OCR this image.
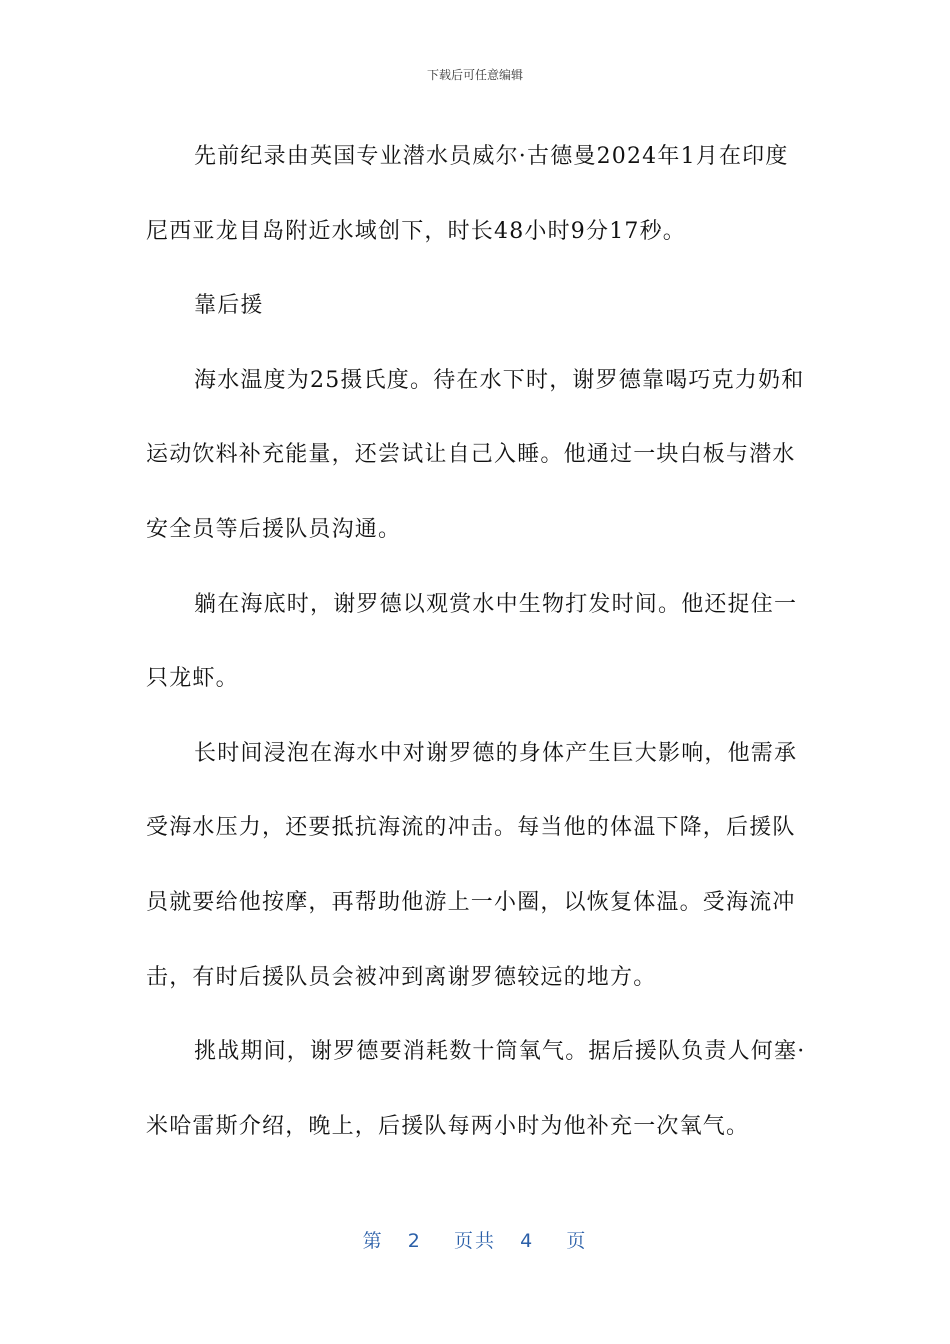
下载后可任意编辑

先前纪录由英国专业潜水员威尔·古德曼2024年1月在印度尼西亚龙目岛附近水域创下，时长48小时9分17秒。

靠后援

海水温度为25摄氏度。待在水下时，谢罗德靠喝巧克力奶和运动饮料补充能量，还尝试让自己入睡。他通过一块白板与潜水安全员等后援队员沟通。

躺在海底时，谢罗德以观赏水中生物打发时间。他还捉住一只龙虾。

长时间浸泡在海水中对谢罗德的身体产生巨大影响，他需承受海水压力，还要抵抗海流的冲击。每当他的体温下降，后援队员就要给他按摩，再帮助他游上一小圈，以恢复体温。受海流冲击，有时后援队员会被冲到离谢罗德较远的地方。

挑战期间，谢罗德要消耗数十筒氧气。据后援队负责人何塞·米哈雷斯介绍，晚上，后援队每两小时为他补充一次氧气。

第 2 页共 4 页
